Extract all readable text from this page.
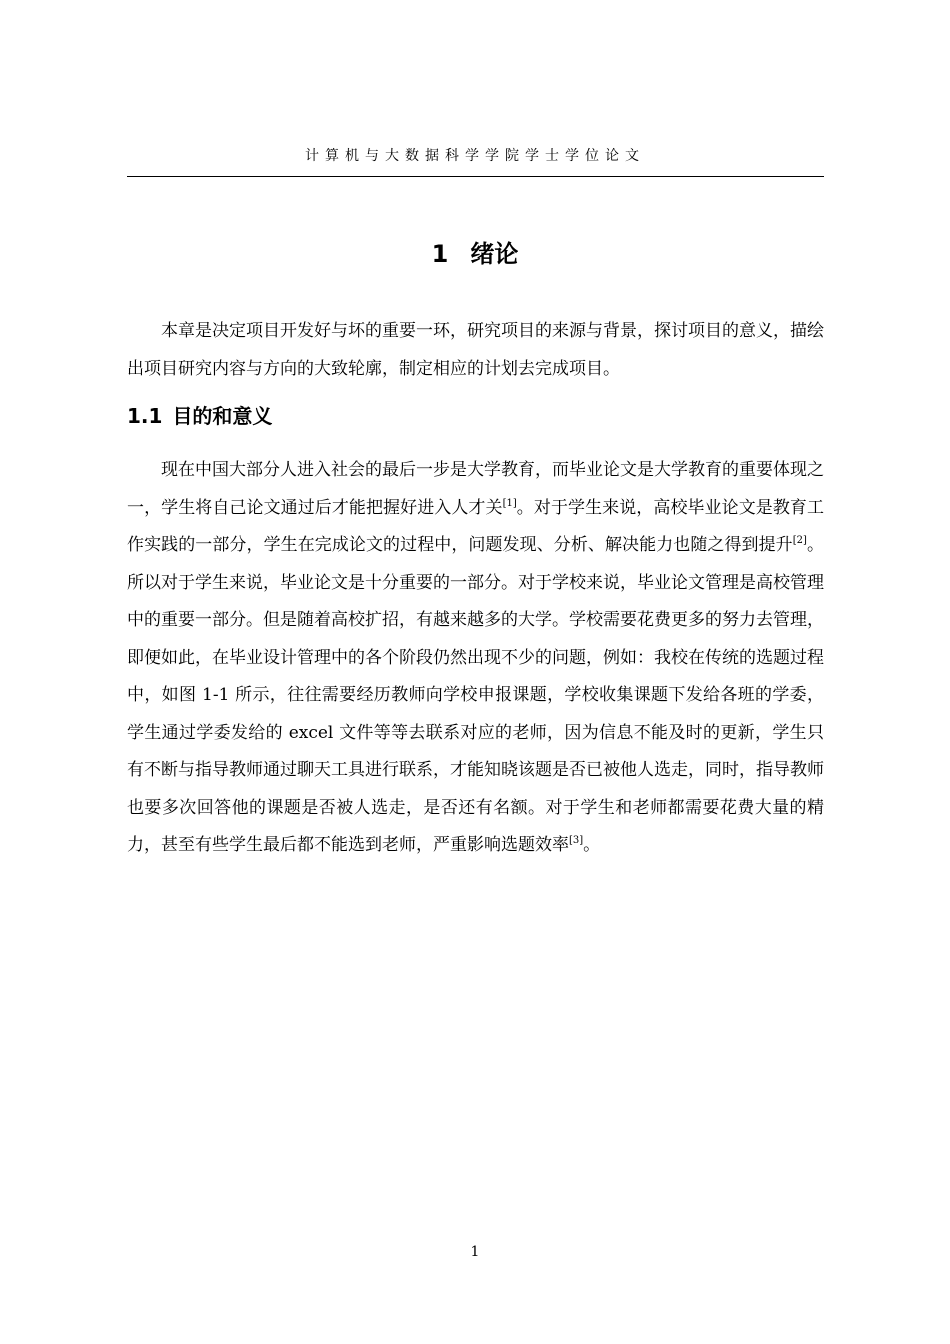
计算机与大数据科学学院学士学位论文
1 绪论

本章是决定项目开发好与坏的重要一环，研究项目的来源与背景，探讨项目的意义，描绘出项目研究内容与方向的大致轮廓，制定相应的计划去完成项目。

1.1 目的和意义

现在中国大部分人进入社会的最后一步是大学教育，而毕业论文是大学教育的重要体现之一，学生将自己论文通过后才能把握好进入人才关[1]。对于学生来说，高校毕业论文是教育工作实践的一部分，学生在完成论文的过程中，问题发现、分析、解决能力也随之得到提升[2]。所以对于学生来说，毕业论文是十分重要的一部分。对于学校来说，毕业论文管理是高校管理中的重要一部分。但是随着高校扩招，有越来越多的大学。学校需要花费更多的努力去管理，即便如此，在毕业设计管理中的各个阶段仍然出现不少的问题，例如：我校在传统的选题过程中，如图 1-1 所示，往往需要经历教师向学校申报课题，学校收集课题下发给各班的学委，学生通过学委发给的 excel 文件等等去联系对应的老师，因为信息不能及时的更新，学生只有不断与指导教师通过聊天工具进行联系，才能知晓该题是否已被他人选走，同时，指导教师也要多次回答他的课题是否被人选走，是否还有名额。对于学生和老师都需要花费大量的精力，甚至有些学生最后都不能选到老师，严重影响选题效率[3]。

1
